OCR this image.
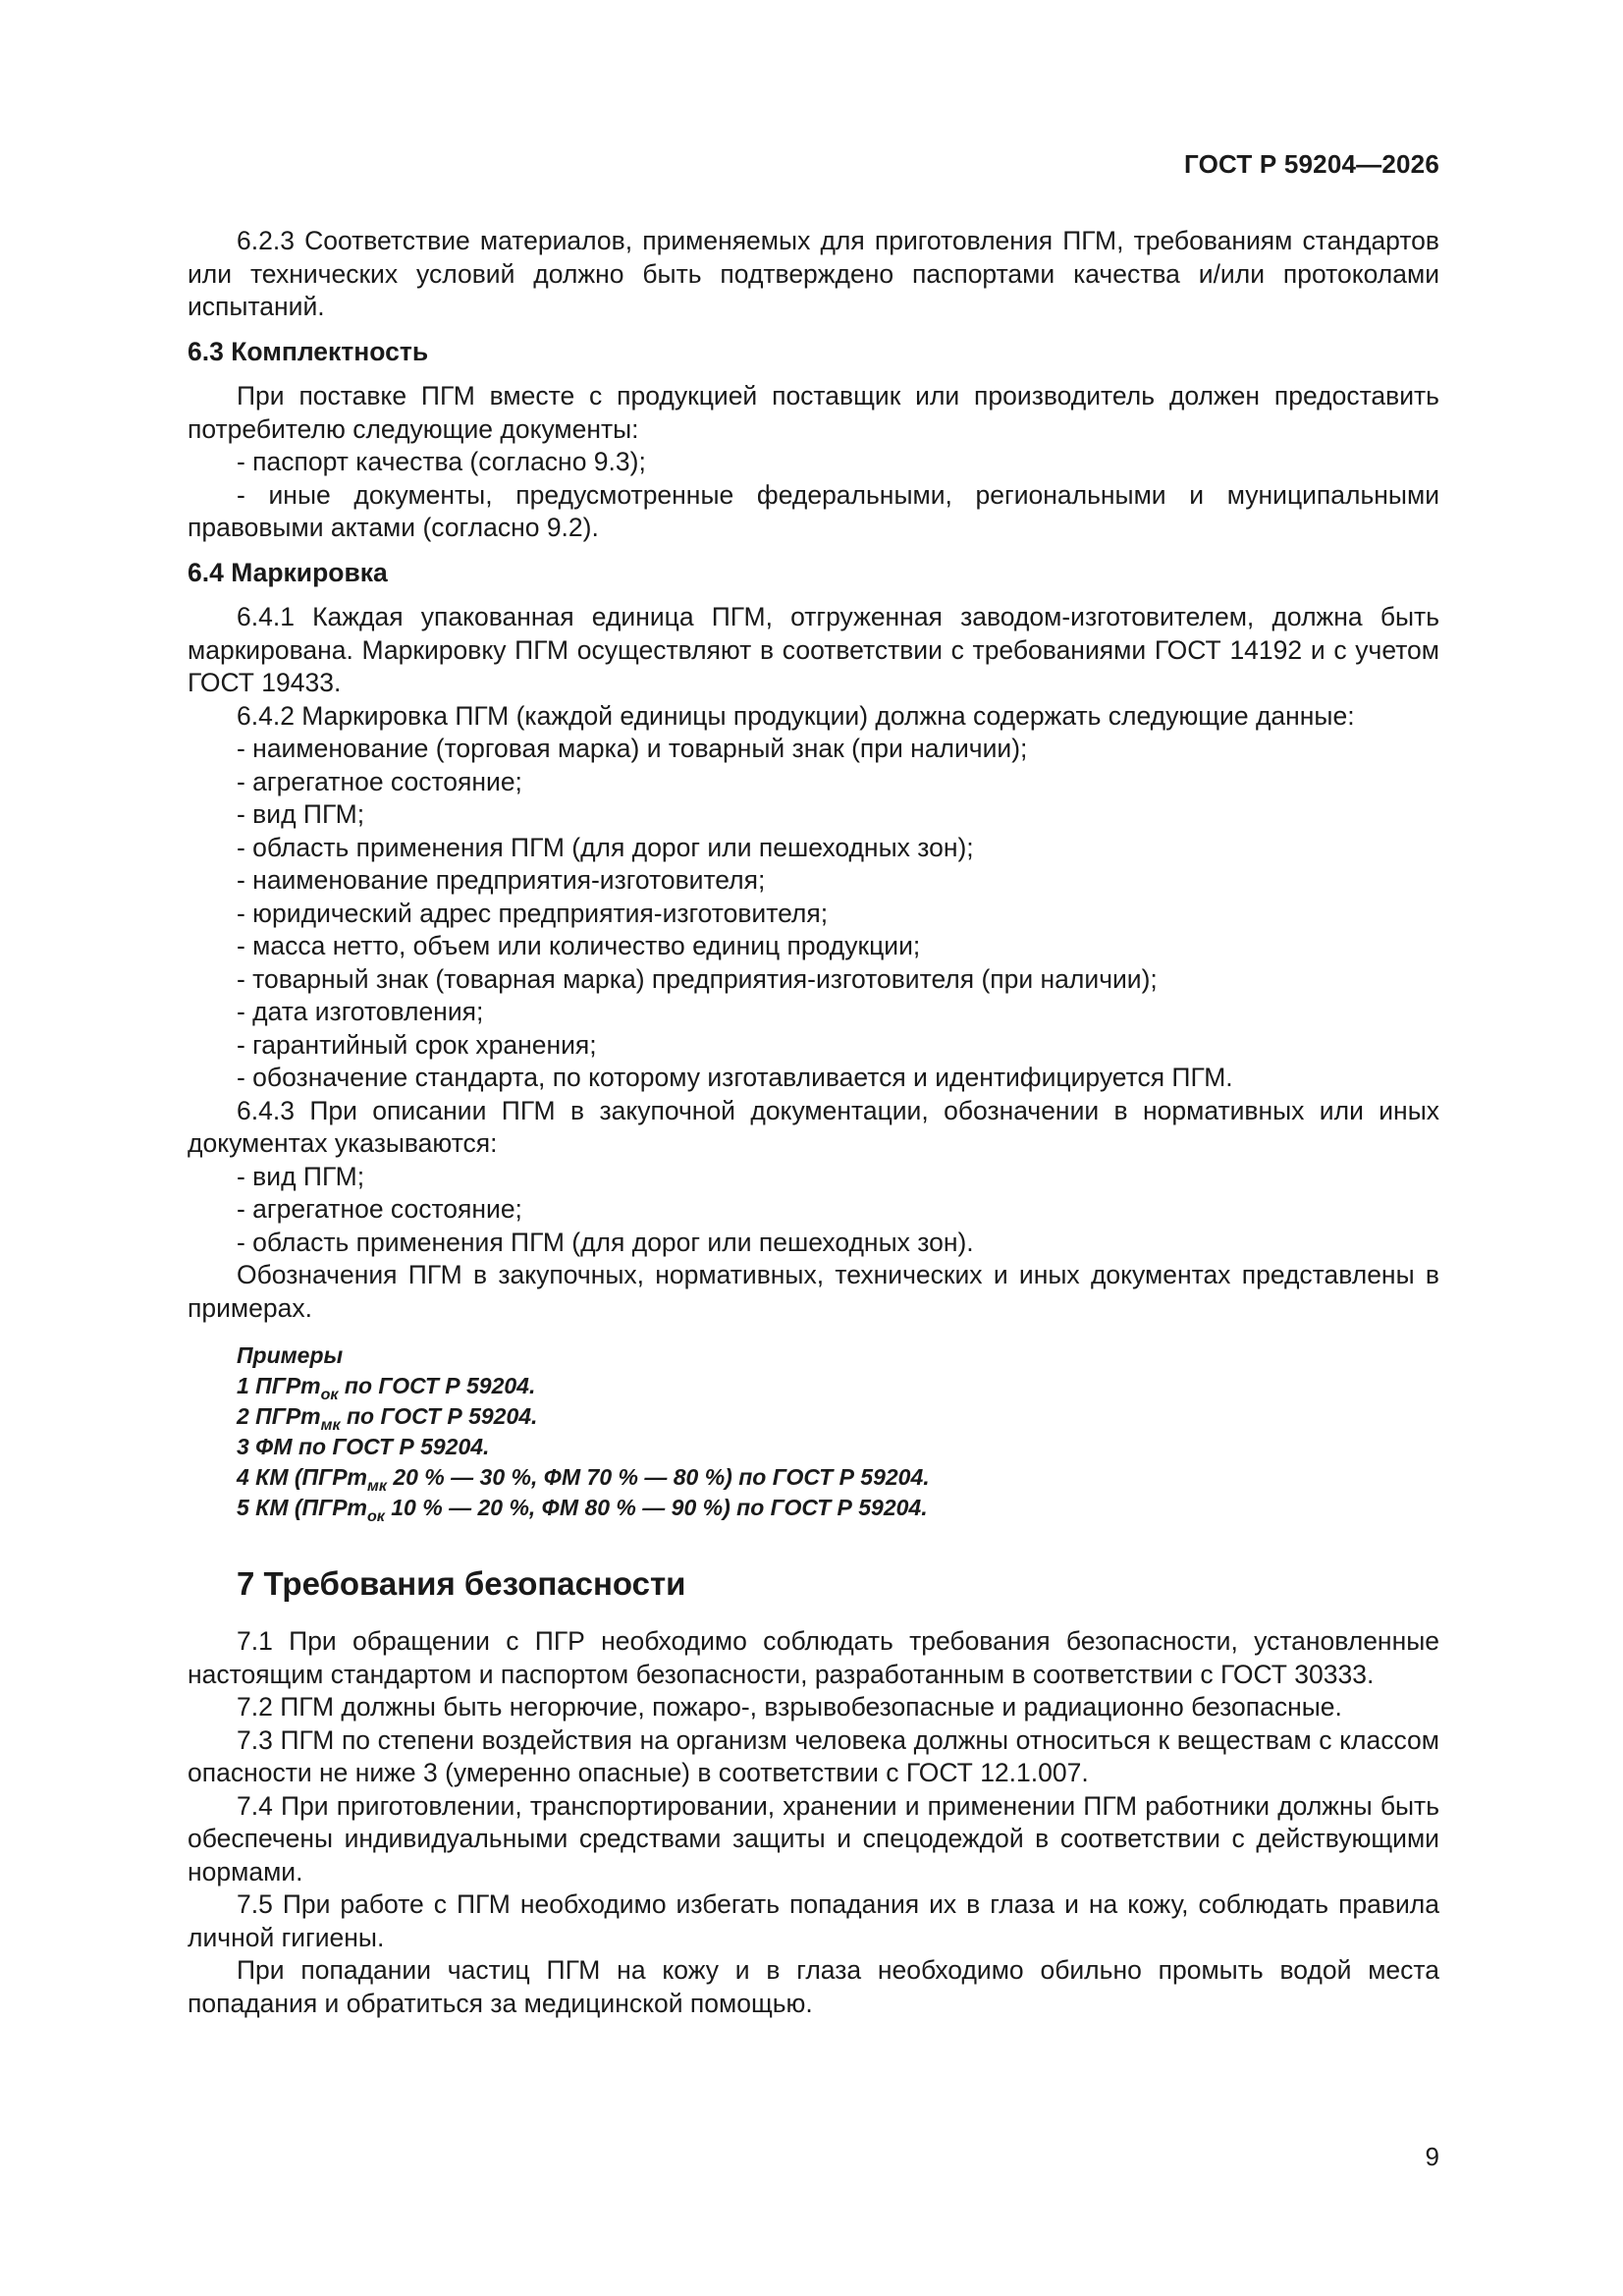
ГОСТ Р 59204—2026

6.2.3 Соответствие материалов, применяемых для приготовления ПГМ, требованиям стандартов или технических условий должно быть подтверждено паспортами качества и/или протоколами испытаний.

6.3 Комплектность

При поставке ПГМ вместе с продукцией поставщик или производитель должен предоставить потребителю следующие документы:

- паспорт качества (согласно 9.3);

- иные документы, предусмотренные федеральными, региональными и муниципальными правовыми актами (согласно 9.2).

6.4 Маркировка

6.4.1 Каждая упакованная единица ПГМ, отгруженная заводом-изготовителем, должна быть маркирована. Маркировку ПГМ осуществляют в соответствии с требованиями ГОСТ 14192 и с учетом ГОСТ 19433.

6.4.2 Маркировка ПГМ (каждой единицы продукции) должна содержать следующие данные:

- наименование (торговая марка) и товарный знак (при наличии);

- агрегатное состояние;

- вид ПГМ;

- область применения ПГМ (для дорог или пешеходных зон);

- наименование предприятия-изготовителя;

- юридический адрес предприятия-изготовителя;

- масса нетто, объем или количество единиц продукции;

- товарный знак (товарная марка) предприятия-изготовителя (при наличии);

- дата изготовления;

- гарантийный срок хранения;

- обозначение стандарта, по которому изготавливается и идентифицируется ПГМ.

6.4.3 При описании ПГМ в закупочной документации, обозначении в нормативных или иных документах указываются:

- вид ПГМ;

- агрегатное состояние;

- область применения ПГМ (для дорог или пешеходных зон).

Обозначения ПГМ в закупочных, нормативных, технических и иных документах представлены в примерах.

Примеры
1 ПГРт$_{ок}$ по ГОСТ Р 59204.
2 ПГРт$_{мк}$ по ГОСТ Р 59204.
3 ФМ по ГОСТ Р 59204.
4 КМ (ПГРт$_{мк}$ 20 % — 30 %, ФМ 70 % — 80 %) по ГОСТ Р 59204.
5 КМ (ПГРт$_{ок}$ 10 % — 20 %, ФМ 80 % — 90 %) по ГОСТ Р 59204.

7 Требования безопасности

7.1 При обращении с ПГР необходимо соблюдать требования безопасности, установленные настоящим стандартом и паспортом безопасности, разработанным в соответствии с ГОСТ 30333.

7.2 ПГМ должны быть негорючие, пожаро-, взрывобезопасные и радиационно безопасные.

7.3 ПГМ по степени воздействия на организм человека должны относиться к веществам с классом опасности не ниже 3 (умеренно опасные) в соответствии с ГОСТ 12.1.007.

7.4 При приготовлении, транспортировании, хранении и применении ПГМ работники должны быть обеспечены индивидуальными средствами защиты и спецодеждой в соответствии с действующими нормами.

7.5 При работе с ПГМ необходимо избегать попадания их в глаза и на кожу, соблюдать правила личной гигиены.

При попадании частиц ПГМ на кожу и в глаза необходимо обильно промыть водой места попадания и обратиться за медицинской помощью.

9
